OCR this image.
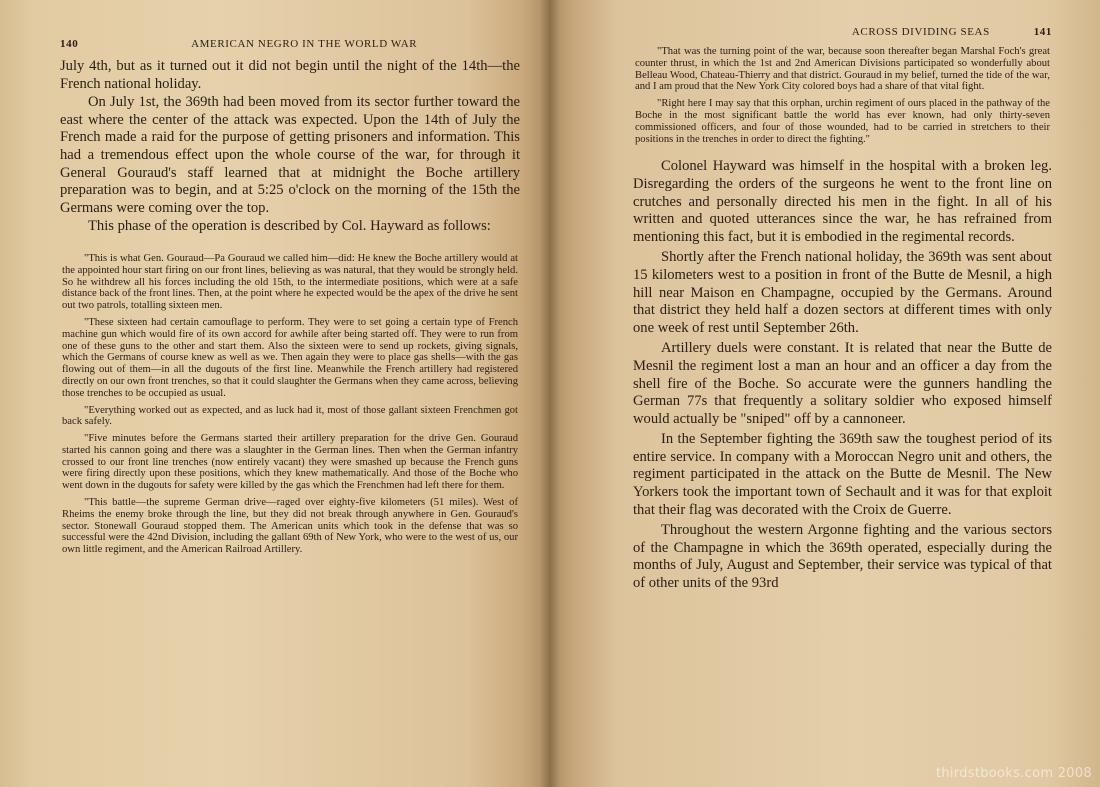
140	AMERICAN NEGRO IN THE WORLD WAR

July 4th, but as it turned out it did not begin until the night of the 14th—the French national holiday.

On July 1st, the 369th had been moved from its sector further toward the east where the center of the attack was expected. Upon the 14th of July the French made a raid for the purpose of getting prisoners and information. This had a tremendous effect upon the whole course of the war, for through it General Gouraud's staff learned that at midnight the Boche artillery preparation was to begin, and at 5:25 o'clock on the morning of the 15th the Germans were coming over the top.

This phase of the operation is described by Col. Hayward as follows:

"This is what Gen. Gouraud—Pa Gouraud we called him—did: He knew the Boche artillery would at the appointed hour start firing on our front lines, believing as was natural, that they would be strongly held. So he withdrew all his forces including the old 15th, to the intermediate positions, which were at a safe distance back of the front lines. Then, at the point where he expected would be the apex of the drive he sent out two patrols, totalling sixteen men.

"These sixteen had certain camouflage to perform. They were to set going a certain type of French machine gun which would fire of its own accord for awhile after being started off. They were to run from one of these guns to the other and start them. Also the sixteen were to send up rockets, giving signals, which the Germans of course knew as well as we. Then again they were to place gas shells—with the gas flowing out of them—in all the dugouts of the first line. Meanwhile the French artillery had registered directly on our own front trenches, so that it could slaughter the Germans when they came across, believing those trenches to be occupied as usual.

"Everything worked out as expected, and as luck had it, most of those gallant sixteen Frenchmen got back safely.

"Five minutes before the Germans started their artillery preparation for the drive Gen. Gouraud started his cannon going and there was a slaughter in the German lines. Then when the German infantry crossed to our front line trenches (now entirely vacant) they were smashed up because the French guns were firing directly upon these positions, which they knew mathematically. And those of the Boche who went down in the dugouts for safety were killed by the gas which the Frenchmen had left there for them.

"This battle—the supreme German drive—raged over eighty-five kilometers (51 miles). West of Rheims the enemy broke through the line, but they did not break through anywhere in Gen. Gouraud's sector. Stonewall Gouraud stopped them. The American units which took in the defense that was so successful were the 42nd Division, including the gallant 69th of New York, who were to the west of us, our own little regiment, and the American Railroad Artillery.

ACROSS DIVIDING SEAS	141

"That was the turning point of the war, because soon thereafter began Marshal Foch's great counter thrust, in which the 1st and 2nd American Divisions participated so wonderfully about Belleau Wood, Chateau-Thierry and that district. Gouraud in my belief, turned the tide of the war, and I am proud that the New York City colored boys had a share of that vital fight.

"Right here I may say that this orphan, urchin regiment of ours placed in the pathway of the Boche in the most significant battle the world has ever known, had only thirty-seven commissioned officers, and four of those wounded, had to be carried in stretchers to their positions in the trenches in order to direct the fighting."

Colonel Hayward was himself in the hospital with a broken leg. Disregarding the orders of the surgeons he went to the front line on crutches and personally directed his men in the fight. In all of his written and quoted utterances since the war, he has refrained from mentioning this fact, but it is embodied in the regimental records.

Shortly after the French national holiday, the 369th was sent about 15 kilometers west to a position in front of the Butte de Mesnil, a high hill near Maison en Champagne, occupied by the Germans. Around that district they held half a dozen sectors at different times with only one week of rest until September 26th.

Artillery duels were constant. It is related that near the Butte de Mesnil the regiment lost a man an hour and an officer a day from the shell fire of the Boche. So accurate were the gunners handling the German 77s that frequently a solitary soldier who exposed himself would actually be "sniped" off by a cannoneer.

In the September fighting the 369th saw the toughest period of its entire service. In company with a Moroccan Negro unit and others, the regiment participated in the attack on the Butte de Mesnil. The New Yorkers took the important town of Sechault and it was for that exploit that their flag was decorated with the Croix de Guerre.

Throughout the western Argonne fighting and the various sectors of the Champagne in which the 369th operated, especially during the months of July, August and September, their service was typical of that of other units of the 93rd

thirdstbooks.com 2008
